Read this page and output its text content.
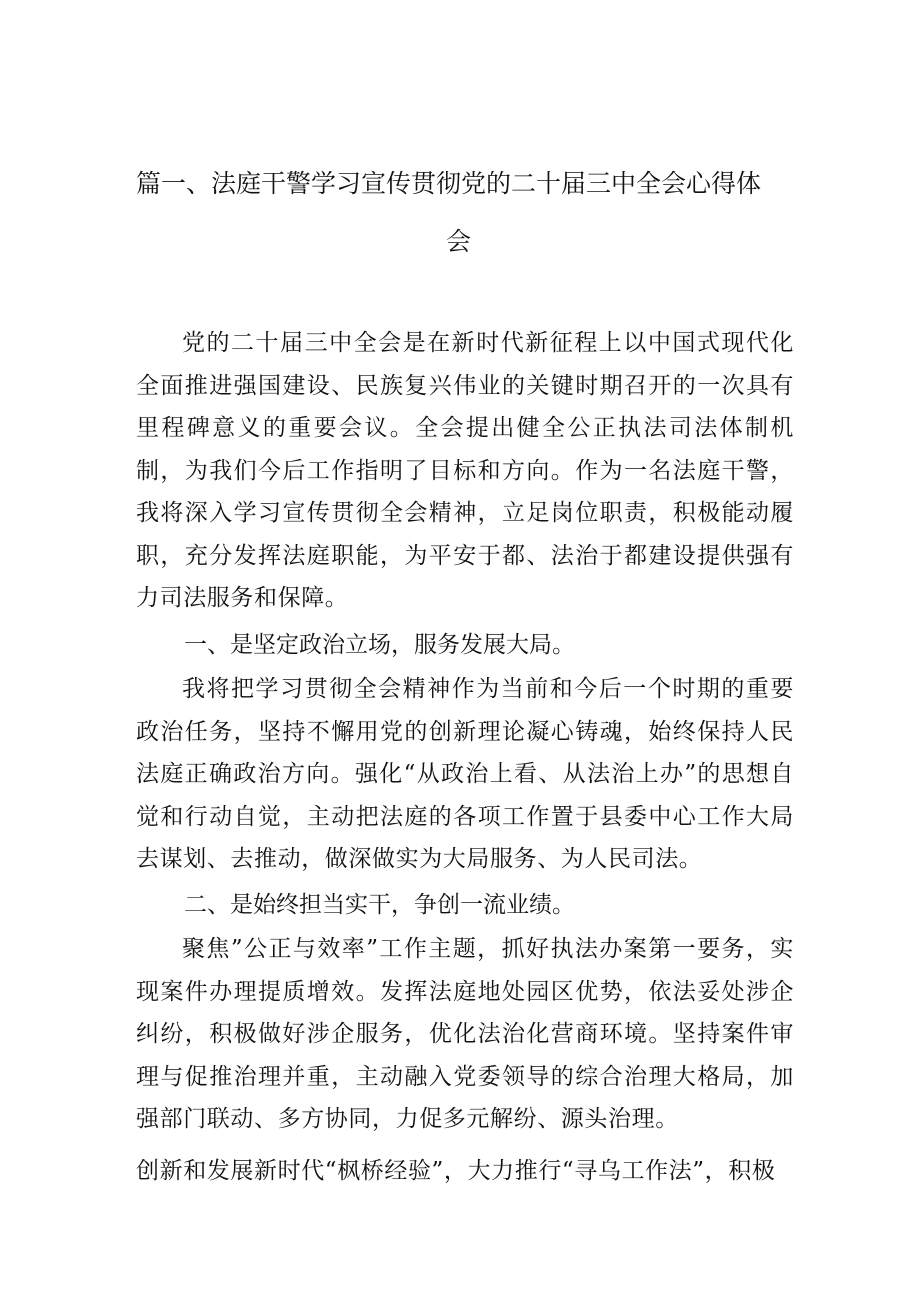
篇一、法庭干警学习宣传贯彻党的二十届三中全会心得体
会

党的二十届三中全会是在新时代新征程上以中国式现代化全面推进强国建设、民族复兴伟业的关键时期召开的一次具有里程碑意义的重要会议。全会提出健全公正执法司法体制机制，为我们今后工作指明了目标和方向。作为一名法庭干警，我将深入学习宣传贯彻全会精神，立足岗位职责，积极能动履职，充分发挥法庭职能，为平安于都、法治于都建设提供强有力司法服务和保障。

一、是坚定政治立场，服务发展大局。

我将把学习贯彻全会精神作为当前和今后一个时期的重要政治任务，坚持不懈用党的创新理论凝心铸魂，始终保持人民法庭正确政治方向。强化“从政治上看、从法治上办”的思想自觉和行动自觉，主动把法庭的各项工作置于县委中心工作大局去谋划、去推动，做深做实为大局服务、为人民司法。

二、是始终担当实干，争创一流业绩。

聚焦”公正与效率”工作主题，抓好执法办案第一要务，实现案件办理提质增效。发挥法庭地处园区优势，依法妥处涉企纠纷，积极做好涉企服务，优化法治化营商环境。坚持案件审理与促推治理并重，主动融入党委领导的综合治理大格局，加强部门联动、多方协同，力促多元解纷、源头治理。

创新和发展新时代“枫桥经验”，大力推行“寻乌工作法”，积极
